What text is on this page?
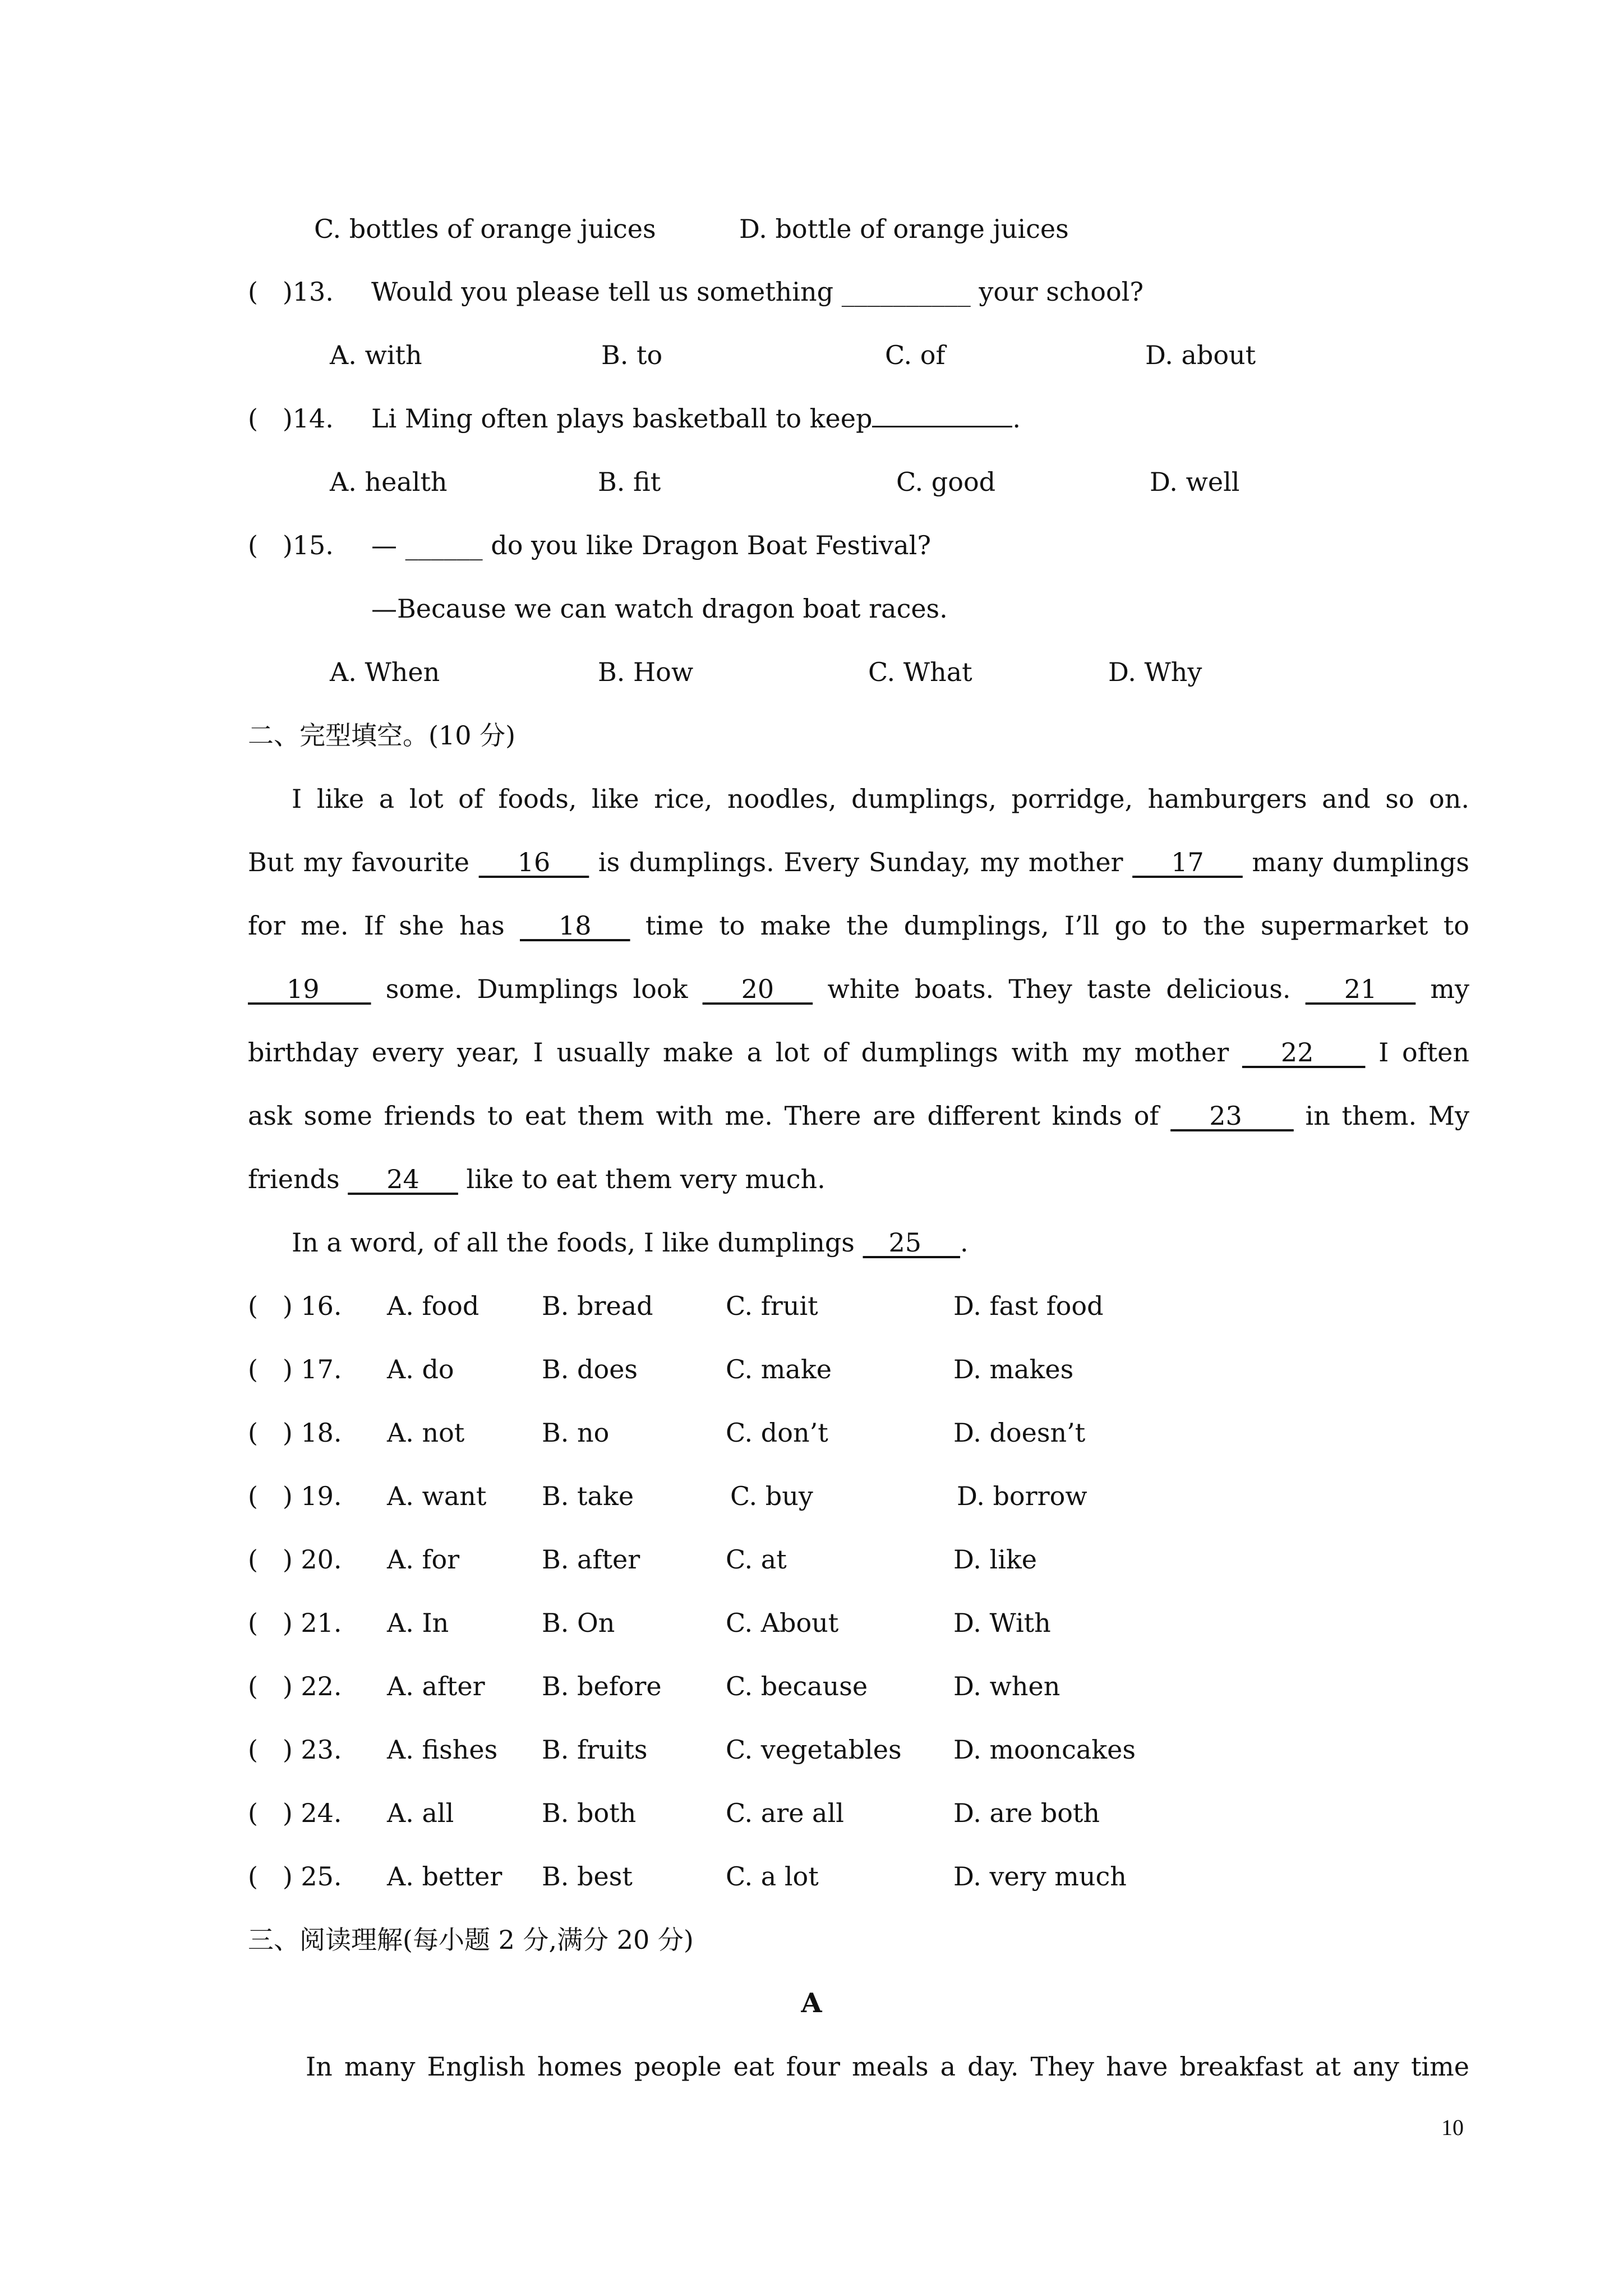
C. bottles of orange juices	D. bottle of orange juices
(   )13. Would you please tell us something __________ your school?
A. with	B. to	C. of	D. about
(   )14. Li Ming often plays basketball to keep	.
A. health	B. fit	C. good	D. well
(   )15. — ______ do you like Dragon Boat Festival?
—Because we can watch dragon boat races.
A. When	B. How	C. What	D. Why
二、完型填空。(10 分)
I like a lot of foods, like rice, noodles, dumplings, porridge, hamburgers and so on.
But my favourite ___16___ is dumplings. Every Sunday, my mother ___17___ many dumplings
for me. If she has ___18___ time to make the dumplings, I’ll go to the supermarket to
___19____ some. Dumplings look ___20___ white boats. They taste delicious. ___21___ my
birthday every year, I usually make a lot of dumplings with my mother ___22____ I often
ask some friends to eat them with me. There are different kinds of ___23____ in them. My
friends ___24___ like to eat them very much.
In a word, of all the foods, I like dumplings __25___.
(   ) 16. A. food B. bread	C. fruit	D. fast food
(   ) 17. A. do	B. does	C. make	D. makes
(   ) 18. A. not	B. no	C. don’t	D. doesn’t
(   ) 19. A. want B. take	C. buy	D. borrow
(   ) 20. A. for	B. after	C. at	D. like
(   ) 21. A. In	B. On	C. About	D. With
(   ) 22. A. after B. before C. because	D. when
(   ) 23. A. fishes B. fruits	C. vegetables D. mooncakes
(   ) 24. A. all	B. both	C. are all	D. are both
(   ) 25. A. better B. best	C. a lot	D. very much
三、阅读理解(每小题 2 分,满分 20 分)
A
In many English homes people eat four meals a day. They have breakfast at any time
10
